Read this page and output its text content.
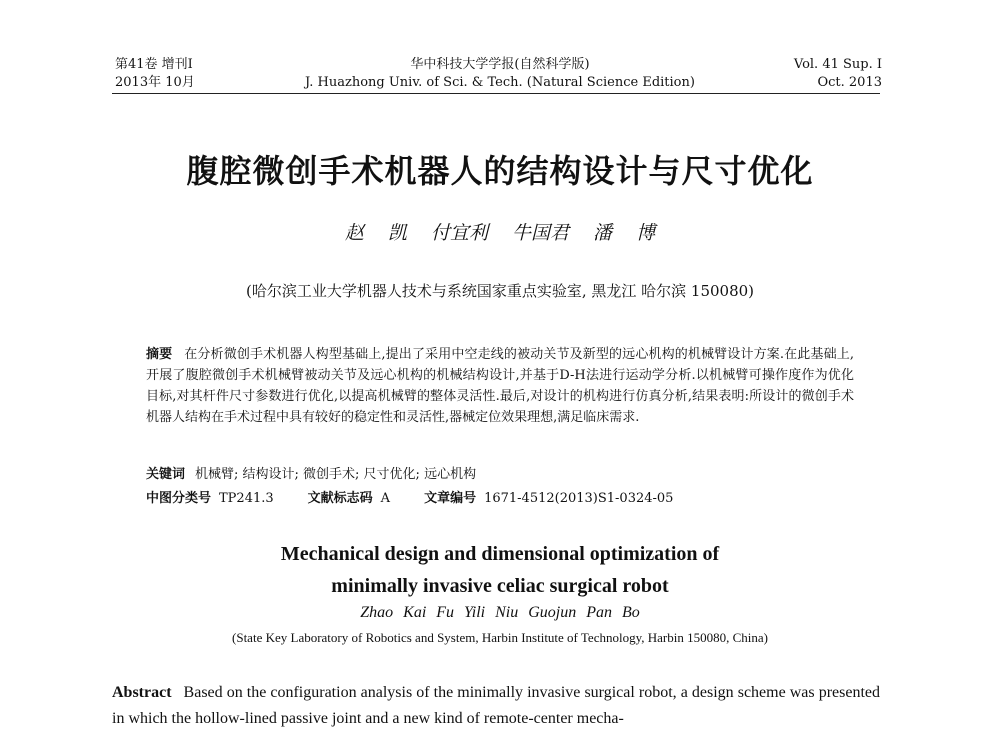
第41卷 增刊Ⅰ
2013年 10月
华中科技大学学报(自然科学版)
J. Huazhong Univ. of Sci. & Tech. (Natural Science Edition)
Vol. 41 Sup. Ⅰ
Oct. 2013
腹腔微创手术机器人的结构设计与尺寸优化
赵 凯 付宜利 牛国君 潘 博
(哈尔滨工业大学机器人技术与系统国家重点实验室, 黑龙江 哈尔滨 150080)
摘要 在分析微创手术机器人构型基础上,提出了采用中空走线的被动关节及新型的远心机构的机械臂设计方案.在此基础上,开展了腹腔微创手术机械臂被动关节及远心机构的机械结构设计,并基于D-H法进行运动学分析.以机械臂可操作度作为优化目标,对其杆件尺寸参数进行优化,以提高机械臂的整体灵活性.最后,对设计的机构进行仿真分析,结果表明:所设计的微创手术机器人结构在手术过程中具有较好的稳定性和灵活性,器械定位效果理想,满足临床需求.
关键词 机械臂; 结构设计; 微创手术; 尺寸优化; 远心机构
中图分类号 TP241.3	文献标志码 A	文章编号 1671-4512(2013)S1-0324-05
Mechanical design and dimensional optimization of
minimally invasive celiac surgical robot
Zhao Kai Fu Yili Niu Guojun Pan Bo
(State Key Laboratory of Robotics and System, Harbin Institute of Technology, Harbin 150080, China)
Abstract Based on the configuration analysis of the minimally invasive surgical robot, a design scheme was presented in which the hollow-lined passive joint and a new kind of remote-center mecha-
